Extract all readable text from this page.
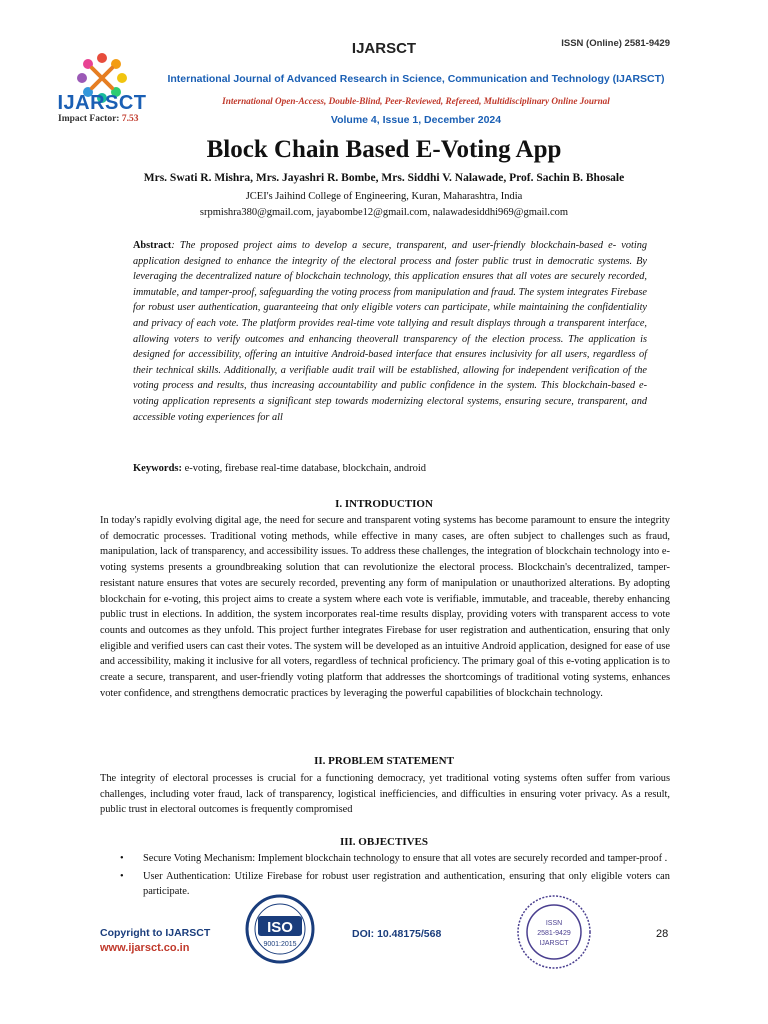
IJARSCT
Impact Factor: 7.53
IJARSCT	ISSN (Online) 2581-9429
International Journal of Advanced Research in Science, Communication and Technology (IJARSCT)
International Open-Access, Double-Blind, Peer-Reviewed, Refereed, Multidisciplinary Online Journal
Volume 4, Issue 1, December 2024
Block Chain Based E-Voting App
Mrs. Swati R. Mishra, Mrs. Jayashri R. Bombe, Mrs. Siddhi V. Nalawade, Prof. Sachin B. Bhosale
JCEI's Jaihind College of Engineering, Kuran, Maharashtra, India
srpmishra380@gmail.com, jayabombe12@gmail.com, nalawadesiddhi969@gmail.com
Abstract: The proposed project aims to develop a secure, transparent, and user-friendly blockchain-based e- voting application designed to enhance the integrity of the electoral process and foster public trust in democratic systems. By leveraging the decentralized nature of blockchain technology, this application ensures that all votes are securely recorded, immutable, and tamper-proof, safeguarding the voting process from manipulation and fraud. The system integrates Firebase for robust user authentication, guaranteeing that only eligible voters can participate, while maintaining the confidentiality and privacy of each vote. The platform provides real-time vote tallying and result displays through a transparent interface, allowing voters to verify outcomes and enhancing theoverall transparency of the election process. The application is designed for accessibility, offering an intuitive Android-based interface that ensures inclusivity for all users, regardless of their technical skills. Additionally, a verifiable audit trail will be established, allowing for independent verification of the voting process and results, thus increasing accountability and public confidence in the system. This blockchain-based e-voting application represents a significant step towards modernizing electoral systems, ensuring secure, transparent, and accessible voting experiences for all
Keywords: e-voting, firebase real-time database, blockchain, android
I. INTRODUCTION
In today's rapidly evolving digital age, the need for secure and transparent voting systems has become paramount to ensure the integrity of democratic processes. Traditional voting methods, while effective in many cases, are often subject to challenges such as fraud, manipulation, lack of transparency, and accessibility issues. To address these challenges, the integration of blockchain technology into e-voting systems presents a groundbreaking solution that can revolutionize the electoral process. Blockchain's decentralized, tamper-resistant nature ensures that votes are securely recorded, preventing any form of manipulation or unauthorized alterations. By adopting blockchain for e-voting, this project aims to create a system where each vote is verifiable, immutable, and traceable, thereby enhancing public trust in elections. In addition, the system incorporates real-time results display, providing voters with transparent access to vote counts and outcomes as they unfold. This project further integrates Firebase for user registration and authentication, ensuring that only eligible and verified users can cast their votes. The system will be developed as an intuitive Android application, designed for ease of use and accessibility, making it inclusive for all voters, regardless of technical proficiency. The primary goal of this e-voting application is to create a secure, transparent, and user-friendly voting platform that addresses the shortcomings of traditional voting systems, enhances voter confidence, and strengthens democratic practices by leveraging the powerful capabilities of blockchain technology.
II. PROBLEM STATEMENT
The integrity of electoral processes is crucial for a functioning democracy, yet traditional voting systems often suffer from various challenges, including voter fraud, lack of transparency, logistical inefficiencies, and difficulties in ensuring voter privacy. As a result, public trust in electoral outcomes is frequently compromised
III. OBJECTIVES
• Secure Voting Mechanism: Implement blockchain technology to ensure that all votes are securely recorded and tamper-proof .
• User Authentication: Utilize Firebase for robust user registration and authentication, ensuring that only eligible voters can participate.
Copyright to IJARSCT
www.ijarsct.co.in
ISO
9001:2015
DOI: 10.48175/568
ISSN
2581-9429
IJARSCT
28
